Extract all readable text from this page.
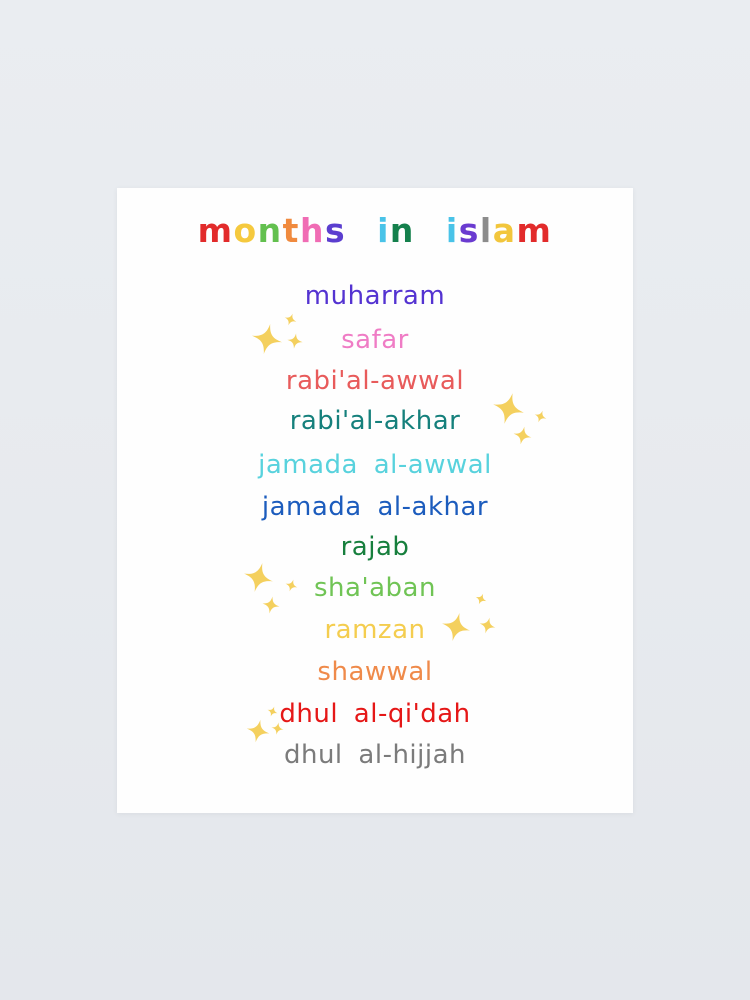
months in islam
muharram
safar
rabi'al-awwal
rabi'al-akhar
jamada al-awwal
jamada al-akhar
rajab
sha'aban
ramzan
shawwal
dhul al-qi'dah
dhul al-hijjah
